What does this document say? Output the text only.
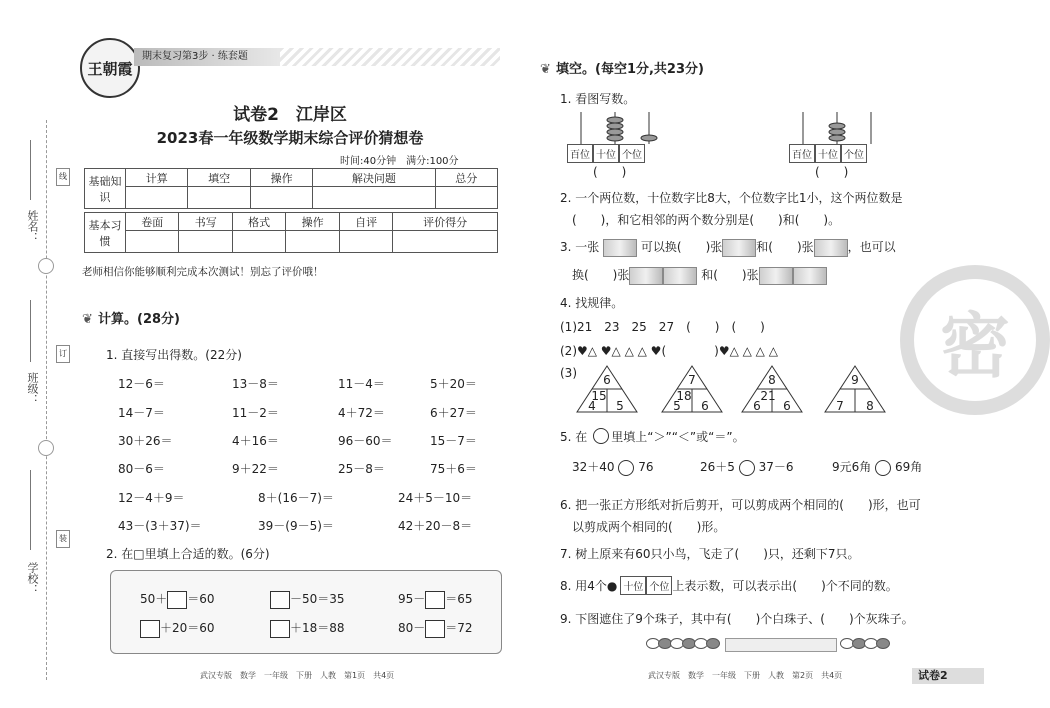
姓名：
班级：
学校：
线
订
装
王朝霞
期末复习第3步 · 练套题
试卷2　江岸区
2023春一年级数学期末综合评价猜想卷
时间:40分钟　满分:100分
基础知识	计算	填空	操作	解决问题	总分

基本习惯	卷面	书写	格式	操作	自评	评价得分

老师相信你能够顺利完成本次测试！别忘了评价哦！
❦ 计算。(28分)
1. 直接写出得数。(22分)
12－6＝	13－8＝	11－4＝	5＋20＝
14－7＝	11－2＝	4＋72＝	6＋27＝
30＋26＝	4＋16＝	96－60＝	15－7＝
80－6＝	9＋22＝	25－8＝	75＋6＝
12－4＋9＝	8＋(16－7)＝	24＋5－10＝
43－(3＋37)＝	39－(9－5)＝	42＋20－8＝
2. 在□里填上合适的数。(6分)
50＋ ＝60	－50＝35	95－ ＝65
＋20＝60	＋18＝88	80－ ＝72
武汉专版　数学　一年级　下册　人教　第1页　共4页
密
❦ 填空。(每空1分,共23分)
1. 看图写数。
百位 十位 个位
(　　)
百位 十位 个位
(　　)
2. 一个两位数，十位数字比8大，个位数字比1小，这个两位数是
(　　)，和它相邻的两个数分别是(　　)和(　　)。
3. 一张	可以换(　　)张	和(　　)张	，也可以
换(　　)张	和(　　)张
4. 找规律。
(1)21　23　25　27　(　　)　(　　)
(2)♥△ ♥△ △ △ ♥(　　　　	)♥△ △ △ △
(3) 6
15
4 5
7
18
5 6
8
21
6 6
9
7 8
5. 在　　里填上“＞”“＜”或“＝”。
32＋40 76	26＋5 37－6	9元6角 69角
6. 把一张正方形纸对折后剪开，可以剪成两个相同的(　　)形，也可
以剪成两个相同的(　　)形。
7. 树上原来有60只小鸟，飞走了(　　)只，还剩下7只。
8. 用4个● 十位 个位 上表示数，可以表示出(　　)个不同的数。
9. 下图遮住了9个珠子，其中有(　　)个白珠子、(　　)个灰珠子。

武汉专版　数学　一年级　下册　人教　第2页　共4页	试卷2
